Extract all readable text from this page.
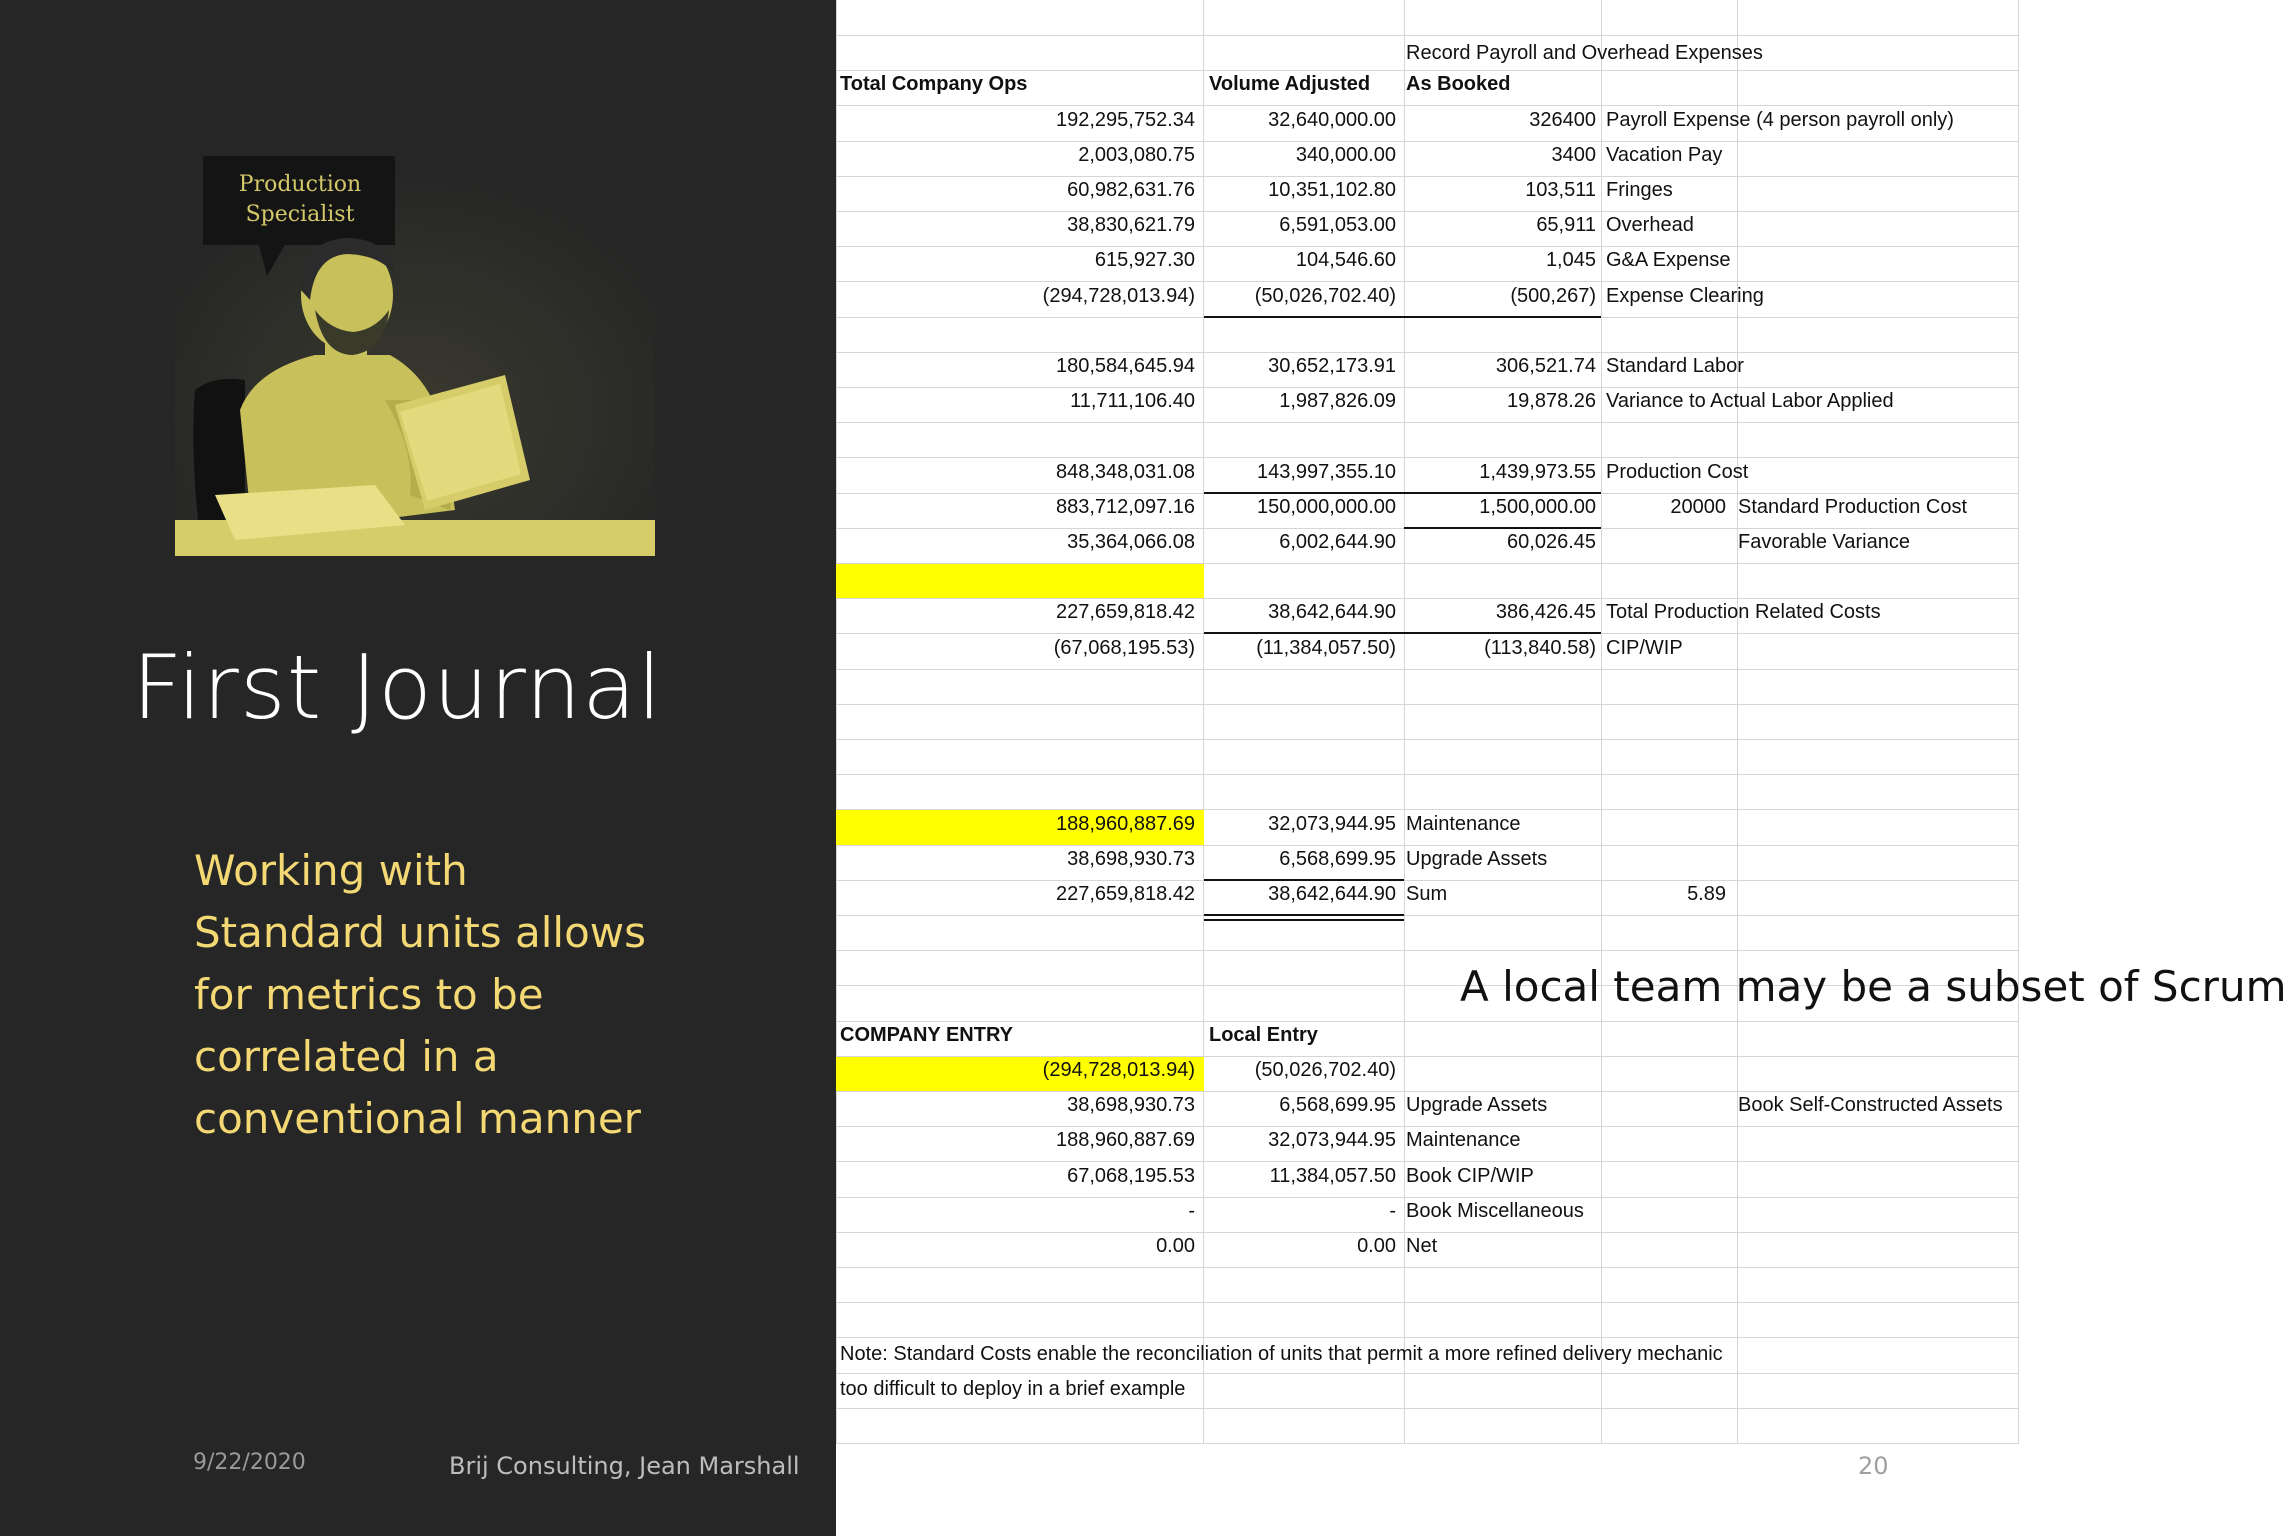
Production
Specialist
First Journal
Working with Standard units allows for metrics to be correlated in a conventional manner
9/22/2020	Brij Consulting, Jean Marshall
Record Payroll and Overhead Expenses
Total Company Ops	Volume Adjusted As Booked
192,295,752.34	32,640,000.00	326400 Payroll Expense (4 person payroll only)
2,003,080.75	340,000.00	3400 Vacation Pay
60,982,631.76	10,351,102.80	103,511 Fringes
38,830,621.79	6,591,053.00	65,911 Overhead
615,927.30	104,546.60	1,045 G&A Expense
(294,728,013.94)	(50,026,702.40)	(500,267) Expense Clearing
180,584,645.94	30,652,173.91	306,521.74 Standard Labor
11,711,106.40	1,987,826.09	19,878.26 Variance to Actual Labor Applied
848,348,031.08	143,997,355.10	1,439,973.55 Production Cost
883,712,097.16	150,000,000.00	1,500,000.00	20000 Standard Production Cost
35,364,066.08	6,002,644.90	60,026.45	Favorable Variance
227,659,818.42	38,642,644.90	386,426.45 Total Production Related Costs
(67,068,195.53)	(11,384,057.50)	(113,840.58) CIP/WIP
188,960,887.69	32,073,944.95 Maintenance
38,698,930.73	6,568,699.95 Upgrade Assets
227,659,818.42	38,642,644.90 Sum	5.89
COMPANY ENTRY	Local Entry
(294,728,013.94)	(50,026,702.40)
38,698,930.73	6,568,699.95 Upgrade Assets	Book Self-Constructed Assets
188,960,887.69	32,073,944.95 Maintenance
67,068,195.53	11,384,057.50 Book CIP/WIP
-	- Book Miscellaneous
0.00	0.00 Net
Note: Standard Costs enable the reconciliation of units that permit a more refined delivery mechanic
too difficult to deploy in a brief example
A local team may be a subset of Scrum
20
